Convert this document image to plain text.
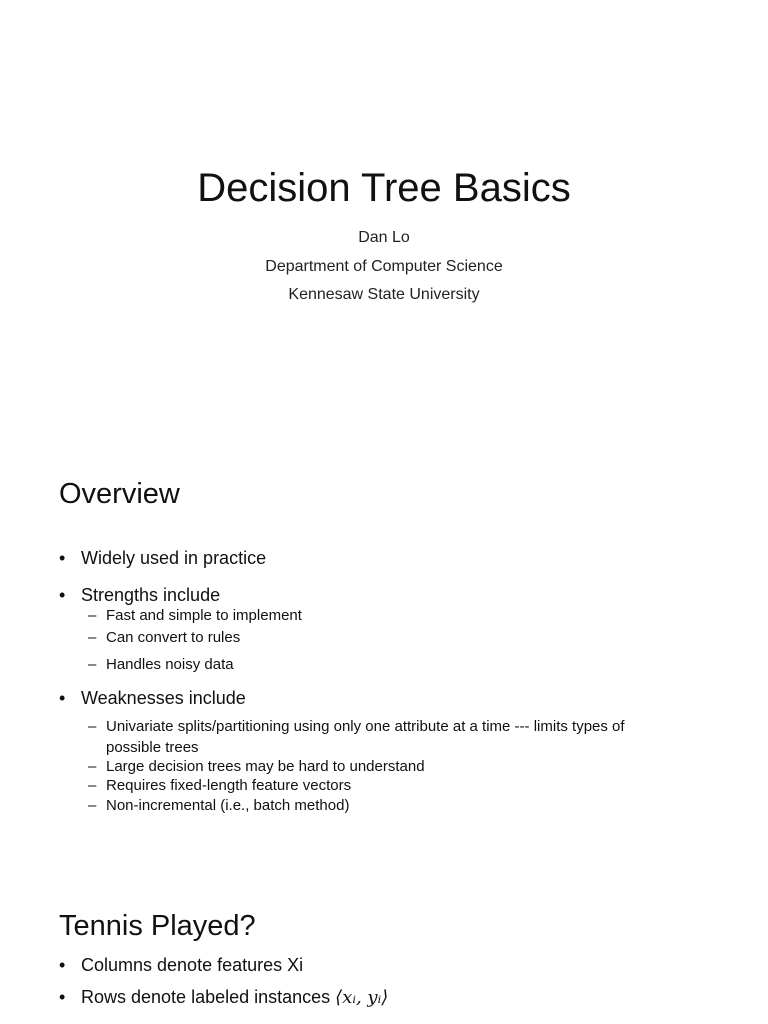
Decision Tree Basics
Dan Lo
Department of Computer Science
Kennesaw State University
Overview
• Widely used in practice
• Strengths include
– Fast and simple to implement
– Can convert to rules
– Handles noisy data
• Weaknesses include
– Univariate splits/partitioning using only one attribute at a time --- limits types of
possible trees
– Large decision trees may be hard to understand
– Requires fixed-length feature vectors
– Non-incremental (i.e., batch method)
Tennis Played?
• Columns denote features Xi
• Rows denote labeled instances ⟨xᵢ, yᵢ⟩
